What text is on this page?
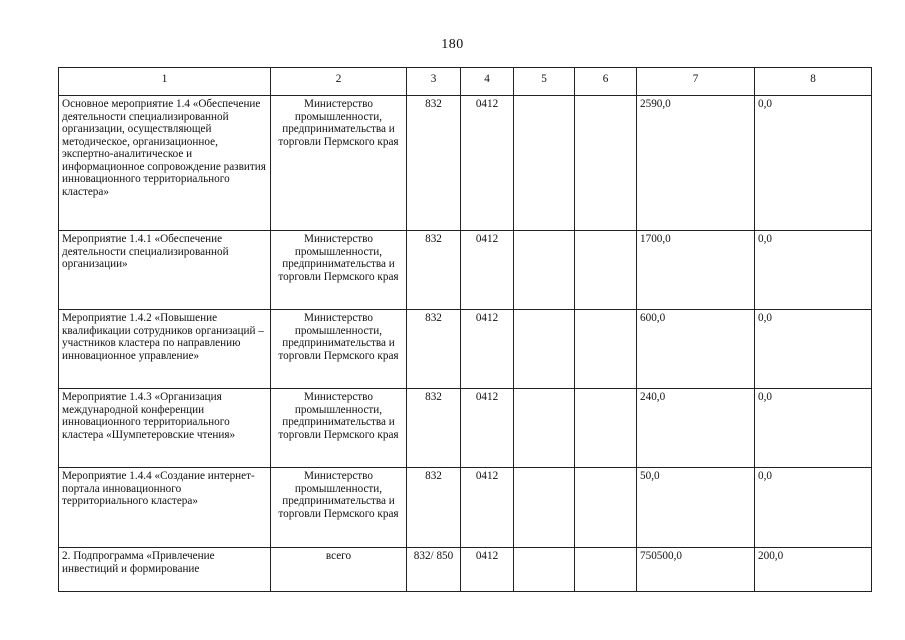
180
1	2	3	4	5	6	7	8
Основное мероприятие 1.4 «Обеспечение деятельности специализированной организации, осуществляющей методическое, организационное, экспертно-аналитическое и информационное сопровождение развития инновационного территориального кластера»	Министерство промышленности, предпринимательства и торговли Пермского края	832	0412			2590,0	0,0
Мероприятие 1.4.1 «Обеспечение деятельности специализированной организации»	Министерство промышленности, предпринимательства и торговли Пермского края	832	0412			1700,0	0,0
Мероприятие 1.4.2 «Повышение квалификации сотрудников организаций – участников кластера по направлению инновационное управление»	Министерство промышленности, предпринимательства и торговли Пермского края	832	0412			600,0	0,0
Мероприятие 1.4.3 «Организация международной конференции инновационного территориального кластера «Шумпетеровские чтения»	Министерство промышленности, предпринимательства и торговли Пермского края	832	0412			240,0	0,0
Мероприятие 1.4.4 «Создание интернет-портала инновационного территориального кластера»	Министерство промышленности, предпринимательства и торговли Пермского края	832	0412			50,0	0,0
2. Подпрограмма «Привлечение инвестиций и формирование	всего	832/ 850	0412			750500,0	200,0
